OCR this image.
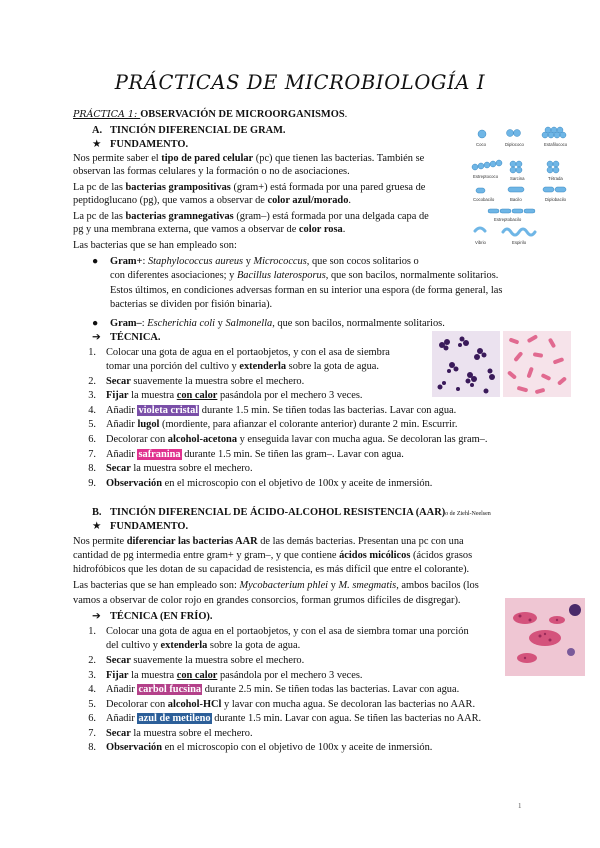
PRÁCTICAS DE MICROBIOLOGÍA I
PRÁCTICA 1: OBSERVACIÓN DE MICROORGANISMOS.
A. TINCIÓN DIFERENCIAL DE GRAM.
★ FUNDAMENTO.
Nos permite saber el tipo de pared celular (pc) que tienen las bacterias. También se
observan las formas celulares y la formación o no de asociaciones.
La pc de las bacterias grampositivas (gram+) está formada por una pared gruesa de
peptidoglucano (pg), que vamos a observar de color azul/morado.
La pc de las bacterias gramnegativas (gram–) está formada por una delgada capa de
pg y una membrana externa, que vamos a observar de color rosa.
Las bacterias que se han empleado son:
● Gram+: Staphylococcus aureus y Micrococcus, que son cocos solitarios o
con diferentes asociaciones; y Bacillus laterosporus, que son bacilos, normalmente solitarios.
Estos últimos, en condiciones adversas forman en su interior una espora (de forma general, las
bacterias se dividen por fisión binaria).
● Gram–: Escherichia coli y Salmonella, que son bacilos, normalmente solitarios.
➔ TÉCNICA.
1. Colocar una gota de agua en el portaobjetos, y con el asa de siembra
tomar una porción del cultivo y extenderla sobre la gota de agua.
2. Secar suavemente la muestra sobre el mechero.
3. Fijar la muestra con calor pasándola por el mechero 3 veces.
4. Añadir violeta cristal durante 1.5 min. Se tiñen todas las bacterias. Lavar con agua.
5. Añadir lugol (mordiente, para afianzar el colorante anterior) durante 2 min. Escurrir.
6. Decolorar con alcohol-acetona y enseguida lavar con mucha agua. Se decoloran las gram–.
7. Añadir safranina durante 1.5 min. Se tiñen las gram–. Lavar con agua.
8. Secar la muestra sobre el mechero.
9. Observación en el microscopio con el objetivo de 100x y aceite de inmersión.
B. TINCIÓN DIFERENCIAL DE ÁCIDO-ALCOHOL RESISTENCIA (AAR)o de Ziehl-Neelsen
★ FUNDAMENTO.
Nos permite diferenciar las bacterias AAR de las demás bacterias. Presentan una pc con una
cantidad de pg intermedia entre gram+ y gram–, y que contiene ácidos micólicos (ácidos grasos
hidrofóbicos que les dotan de su capacidad de resistencia, es más difícil que entre el colorante).
Las bacterias que se han empleado son: Mycobacterium phlei y M. smegmatis, ambos bacilos (los
vamos a observar de color rojo en grandes consorcios, forman grumos difíciles de disgregar).
➔ TÉCNICA (EN FRÍO).
1. Colocar una gota de agua en el portaobjetos, y con el asa de siembra tomar una porción
del cultivo y extenderla sobre la gota de agua.
2. Secar suavemente la muestra sobre el mechero.
3. Fijar la muestra con calor pasándola por el mechero 3 veces.
4. Añadir carbol fucsina durante 2.5 min. Se tiñen todas las bacterias. Lavar con agua.
5. Decolorar con alcohol-HCl y lavar con mucha agua. Se decoloran las bacterias no AAR.
6. Añadir azul de metileno durante 1.5 min. Lavar con agua. Se tiñen las bacterias no AAR.
7. Secar la muestra sobre el mechero.
8. Observación en el microscopio con el objetivo de 100x y aceite de inmersión.
Coco	Diplococo	Estafilococo
Estreptococo	Sarcina	Tétrada
Cocobacilo	Bacilo	Diplobacilo
Estreptobacilo
Vibrio	Espirilo
1
